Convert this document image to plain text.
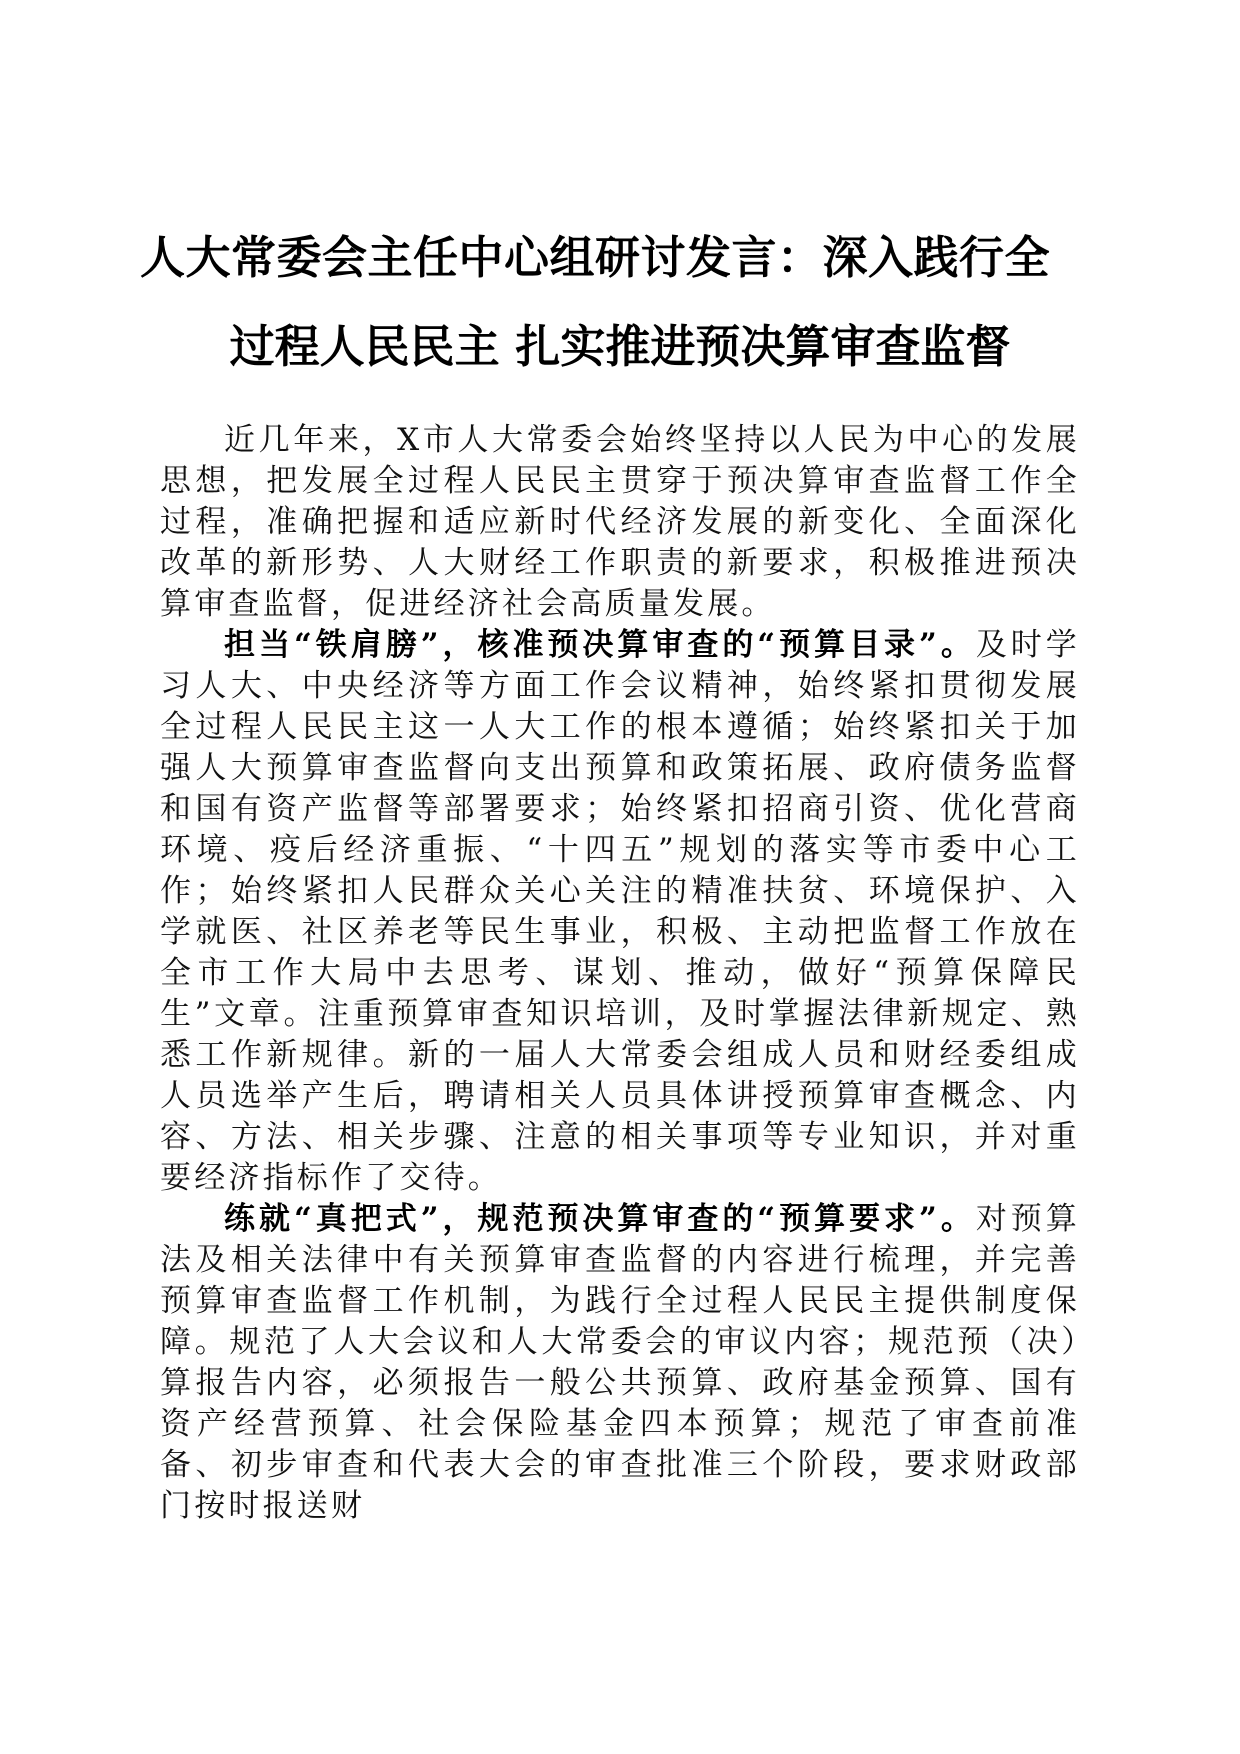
人大常委会主任中心组研讨发言：深入践行全
过程人民民主 扎实推进预决算审查监督

近几年来，X市人大常委会始终坚持以人民为中心的发展思想，把发展全过程人民民主贯穿于预决算审查监督工作全过程，准确把握和适应新时代经济发展的新变化、全面深化改革的新形势、人大财经工作职责的新要求，积极推进预决算审查监督，促进经济社会高质量发展。

担当“铁肩膀”，核准预决算审查的“预算目录”。及时学习人大、中央经济等方面工作会议精神，始终紧扣贯彻发展全过程人民民主这一人大工作的根本遵循；始终紧扣关于加强人大预算审查监督向支出预算和政策拓展、政府债务监督和国有资产监督等部署要求；始终紧扣招商引资、优化营商环境、疫后经济重振、“十四五”规划的落实等市委中心工作；始终紧扣人民群众关心关注的精准扶贫、环境保护、入学就医、社区养老等民生事业，积极、主动把监督工作放在全市工作大局中去思考、谋划、推动，做好“预算保障民生”文章。注重预算审查知识培训，及时掌握法律新规定、熟悉工作新规律。新的一届人大常委会组成人员和财经委组成人员选举产生后，聘请相关人员具体讲授预算审查概念、内容、方法、相关步骤、注意的相关事项等专业知识，并对重要经济指标作了交待。

练就“真把式”，规范预决算审查的“预算要求”。对预算法及相关法律中有关预算审查监督的内容进行梳理，并完善预算审查监督工作机制，为践行全过程人民民主提供制度保障。规范了人大会议和人大常委会的审议内容；规范预（决）算报告内容，必须报告一般公共预算、政府基金预算、国有资产经营预算、社会保险基金四本预算；规范了审查前准备、初步审查和代表大会的审查批准三个阶段，要求财政部门按时报送财
